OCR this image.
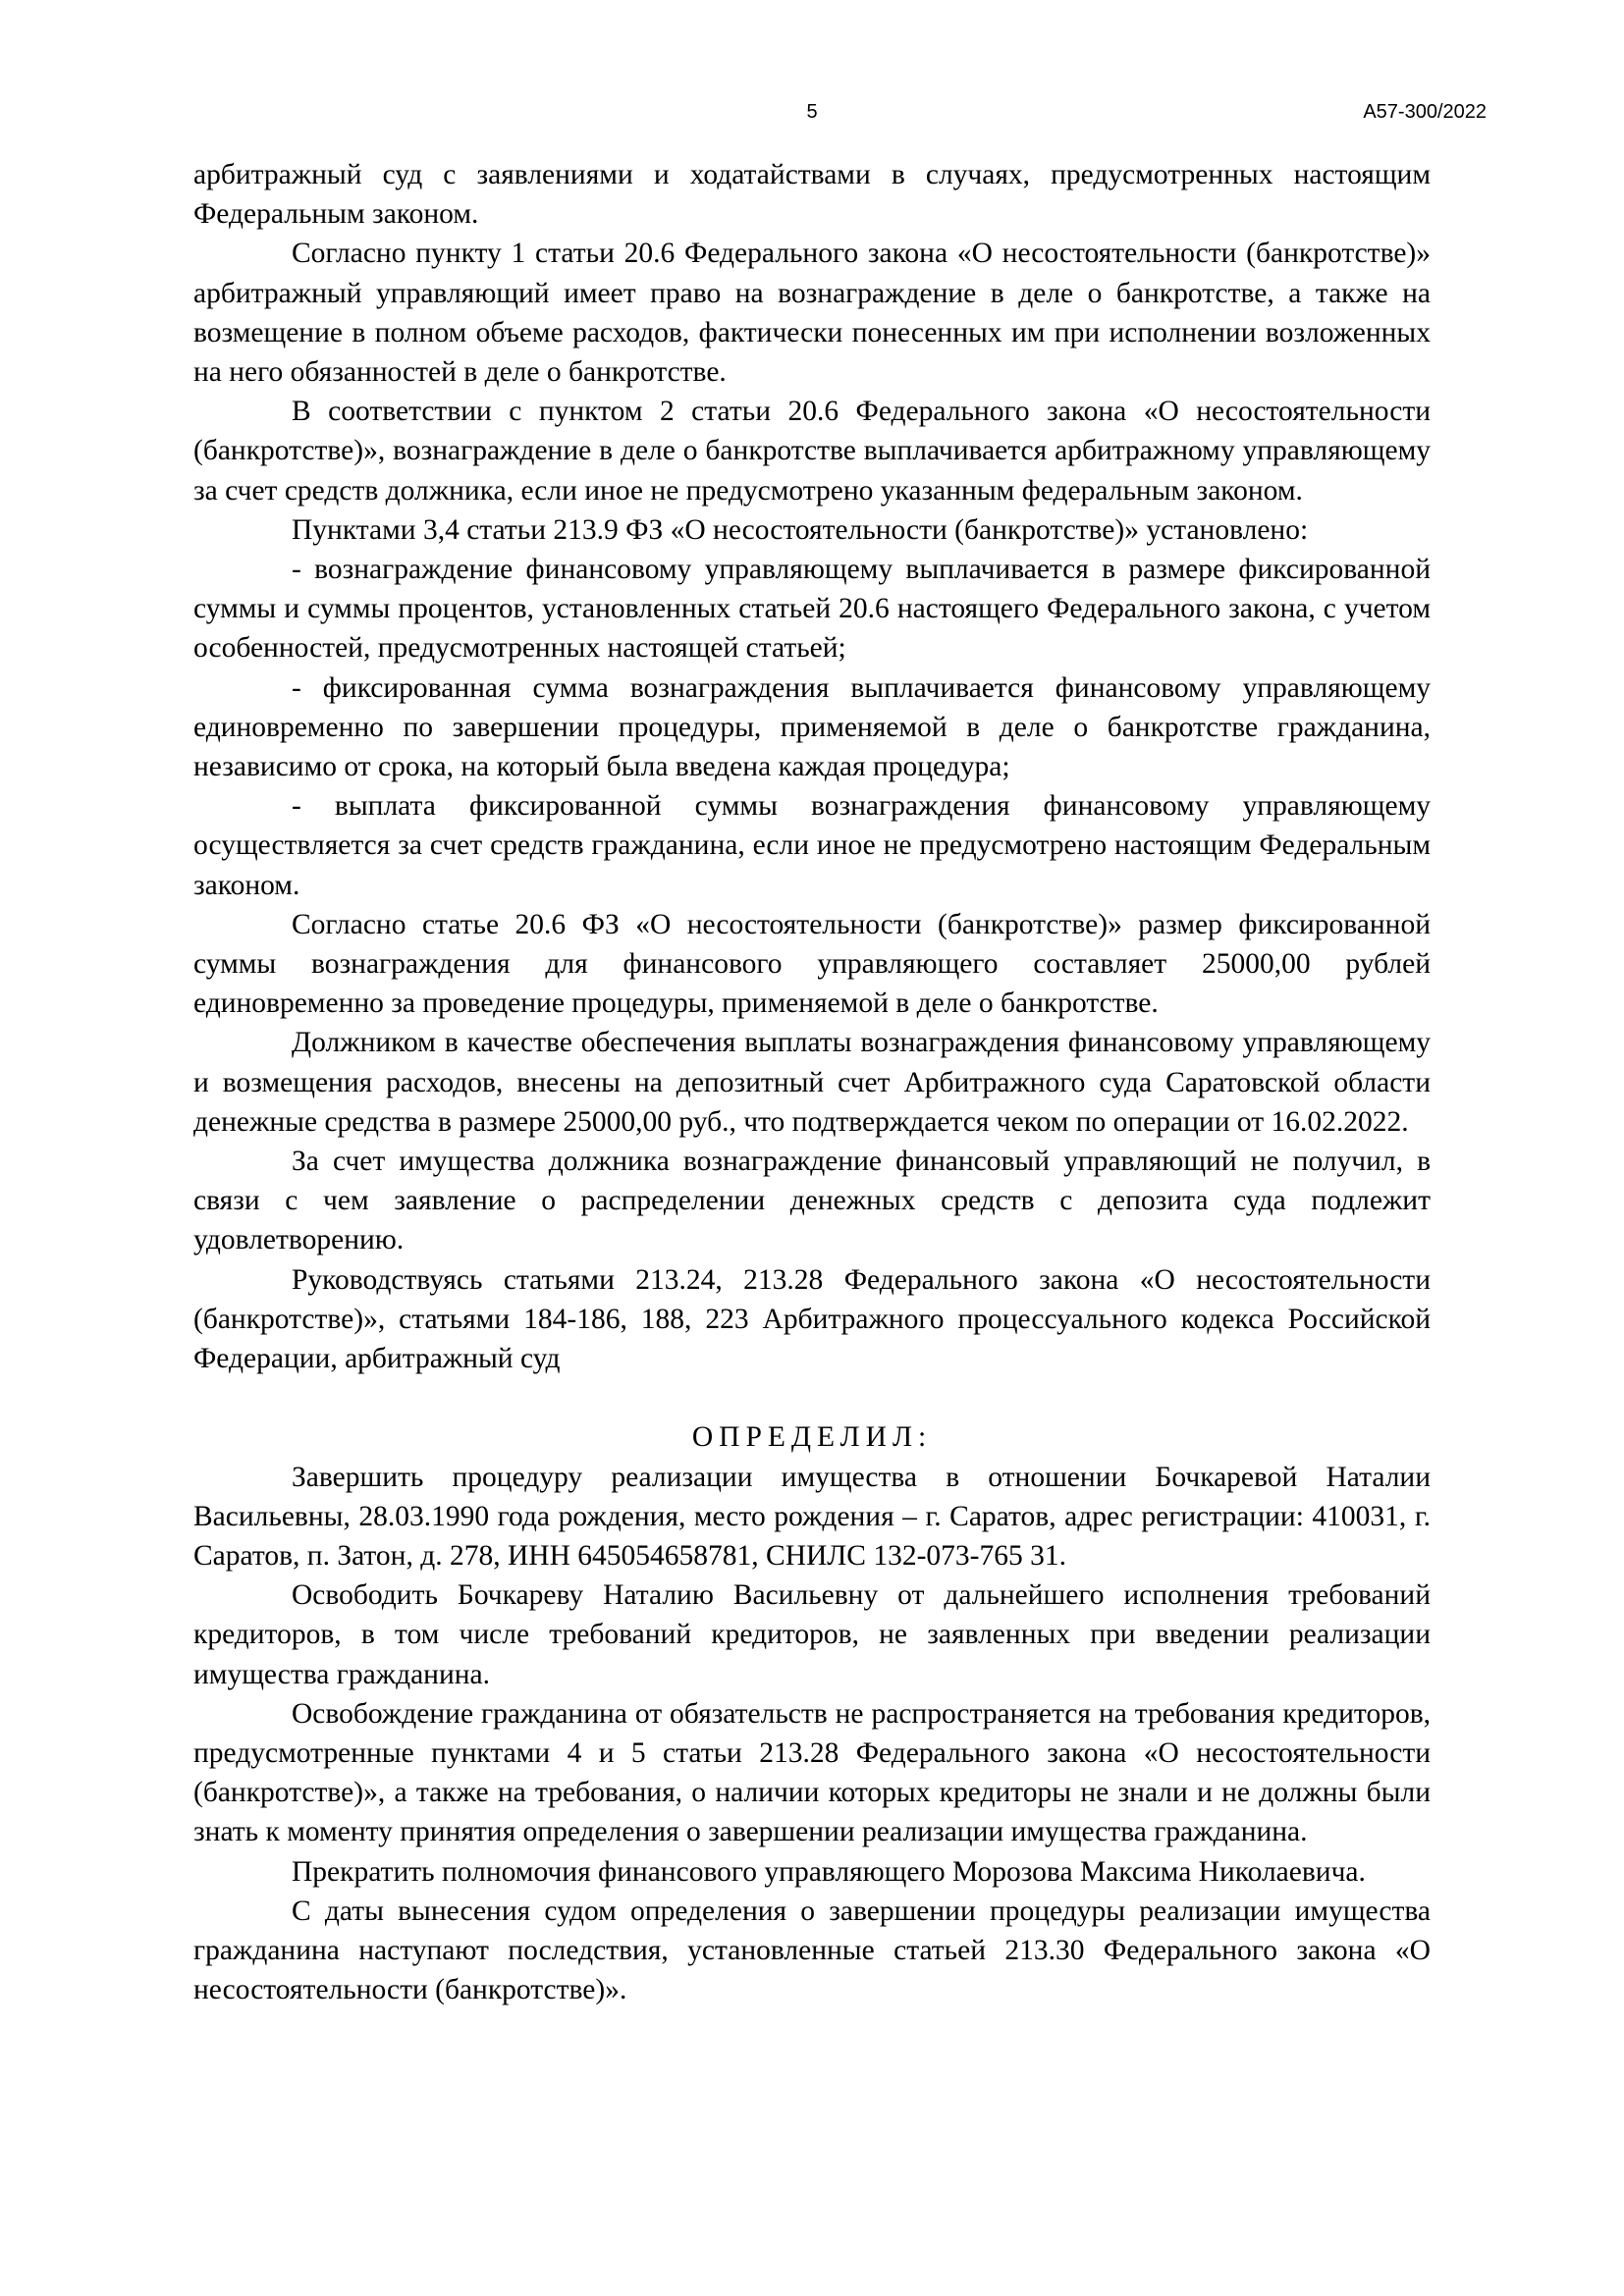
5	А57-300/2022

арбитражный суд с заявлениями и ходатайствами в случаях, предусмотренных настоящим Федеральным законом.

Согласно пункту 1 статьи 20.6 Федерального закона «О несостоятельности (банкротстве)» арбитражный управляющий имеет право на вознаграждение в деле о банкротстве, а также на возмещение в полном объеме расходов, фактически понесенных им при исполнении возложенных на него обязанностей в деле о банкротстве.

В соответствии с пунктом 2 статьи 20.6 Федерального закона «О несостоятельности (банкротстве)», вознаграждение в деле о банкротстве выплачивается арбитражному управляющему за счет средств должника, если иное не предусмотрено указанным федеральным законом.

Пунктами 3,4 статьи 213.9 ФЗ «О несостоятельности (банкротстве)» установлено:

- вознаграждение финансовому управляющему выплачивается в размере фиксированной суммы и суммы процентов, установленных статьей 20.6 настоящего Федерального закона, с учетом особенностей, предусмотренных настоящей статьей;

- фиксированная сумма вознаграждения выплачивается финансовому управляющему единовременно по завершении процедуры, применяемой в деле о банкротстве гражданина, независимо от срока, на который была введена каждая процедура;

- выплата фиксированной суммы вознаграждения финансовому управляющему осуществляется за счет средств гражданина, если иное не предусмотрено настоящим Федеральным законом.

Согласно статье 20.6 ФЗ «О несостоятельности (банкротстве)» размер фиксированной суммы вознаграждения для финансового управляющего составляет 25000,00 рублей единовременно за проведение процедуры, применяемой в деле о банкротстве.

Должником в качестве обеспечения выплаты вознаграждения финансовому управляющему и возмещения расходов, внесены на депозитный счет Арбитражного суда Саратовской области денежные средства в размере 25000,00 руб., что подтверждается чеком по операции от 16.02.2022.

За счет имущества должника вознаграждение финансовый управляющий не получил, в связи с чем заявление о распределении денежных средств с депозита суда подлежит удовлетворению.

Руководствуясь статьями 213.24, 213.28 Федерального закона «О несостоятельности (банкротстве)», статьями 184-186, 188, 223 Арбитражного процессуального кодекса Российской Федерации, арбитражный суд

ОПРЕДЕЛИЛ:

Завершить процедуру реализации имущества в отношении Бочкаревой Наталии Васильевны, 28.03.1990 года рождения, место рождения – г. Саратов, адрес регистрации: 410031, г. Саратов, п. Затон, д. 278, ИНН 645054658781, СНИЛС 132-073-765 31.

Освободить Бочкареву Наталию Васильевну от дальнейшего исполнения требований кредиторов, в том числе требований кредиторов, не заявленных при введении реализации имущества гражданина.

Освобождение гражданина от обязательств не распространяется на требования кредиторов, предусмотренные пунктами 4 и 5 статьи 213.28 Федерального закона «О несостоятельности (банкротстве)», а также на требования, о наличии которых кредиторы не знали и не должны были знать к моменту принятия определения о завершении реализации имущества гражданина.

Прекратить полномочия финансового управляющего Морозова Максима Николаевича.

С даты вынесения судом определения о завершении процедуры реализации имущества гражданина наступают последствия, установленные статьей 213.30 Федерального закона «О несостоятельности (банкротстве)».
